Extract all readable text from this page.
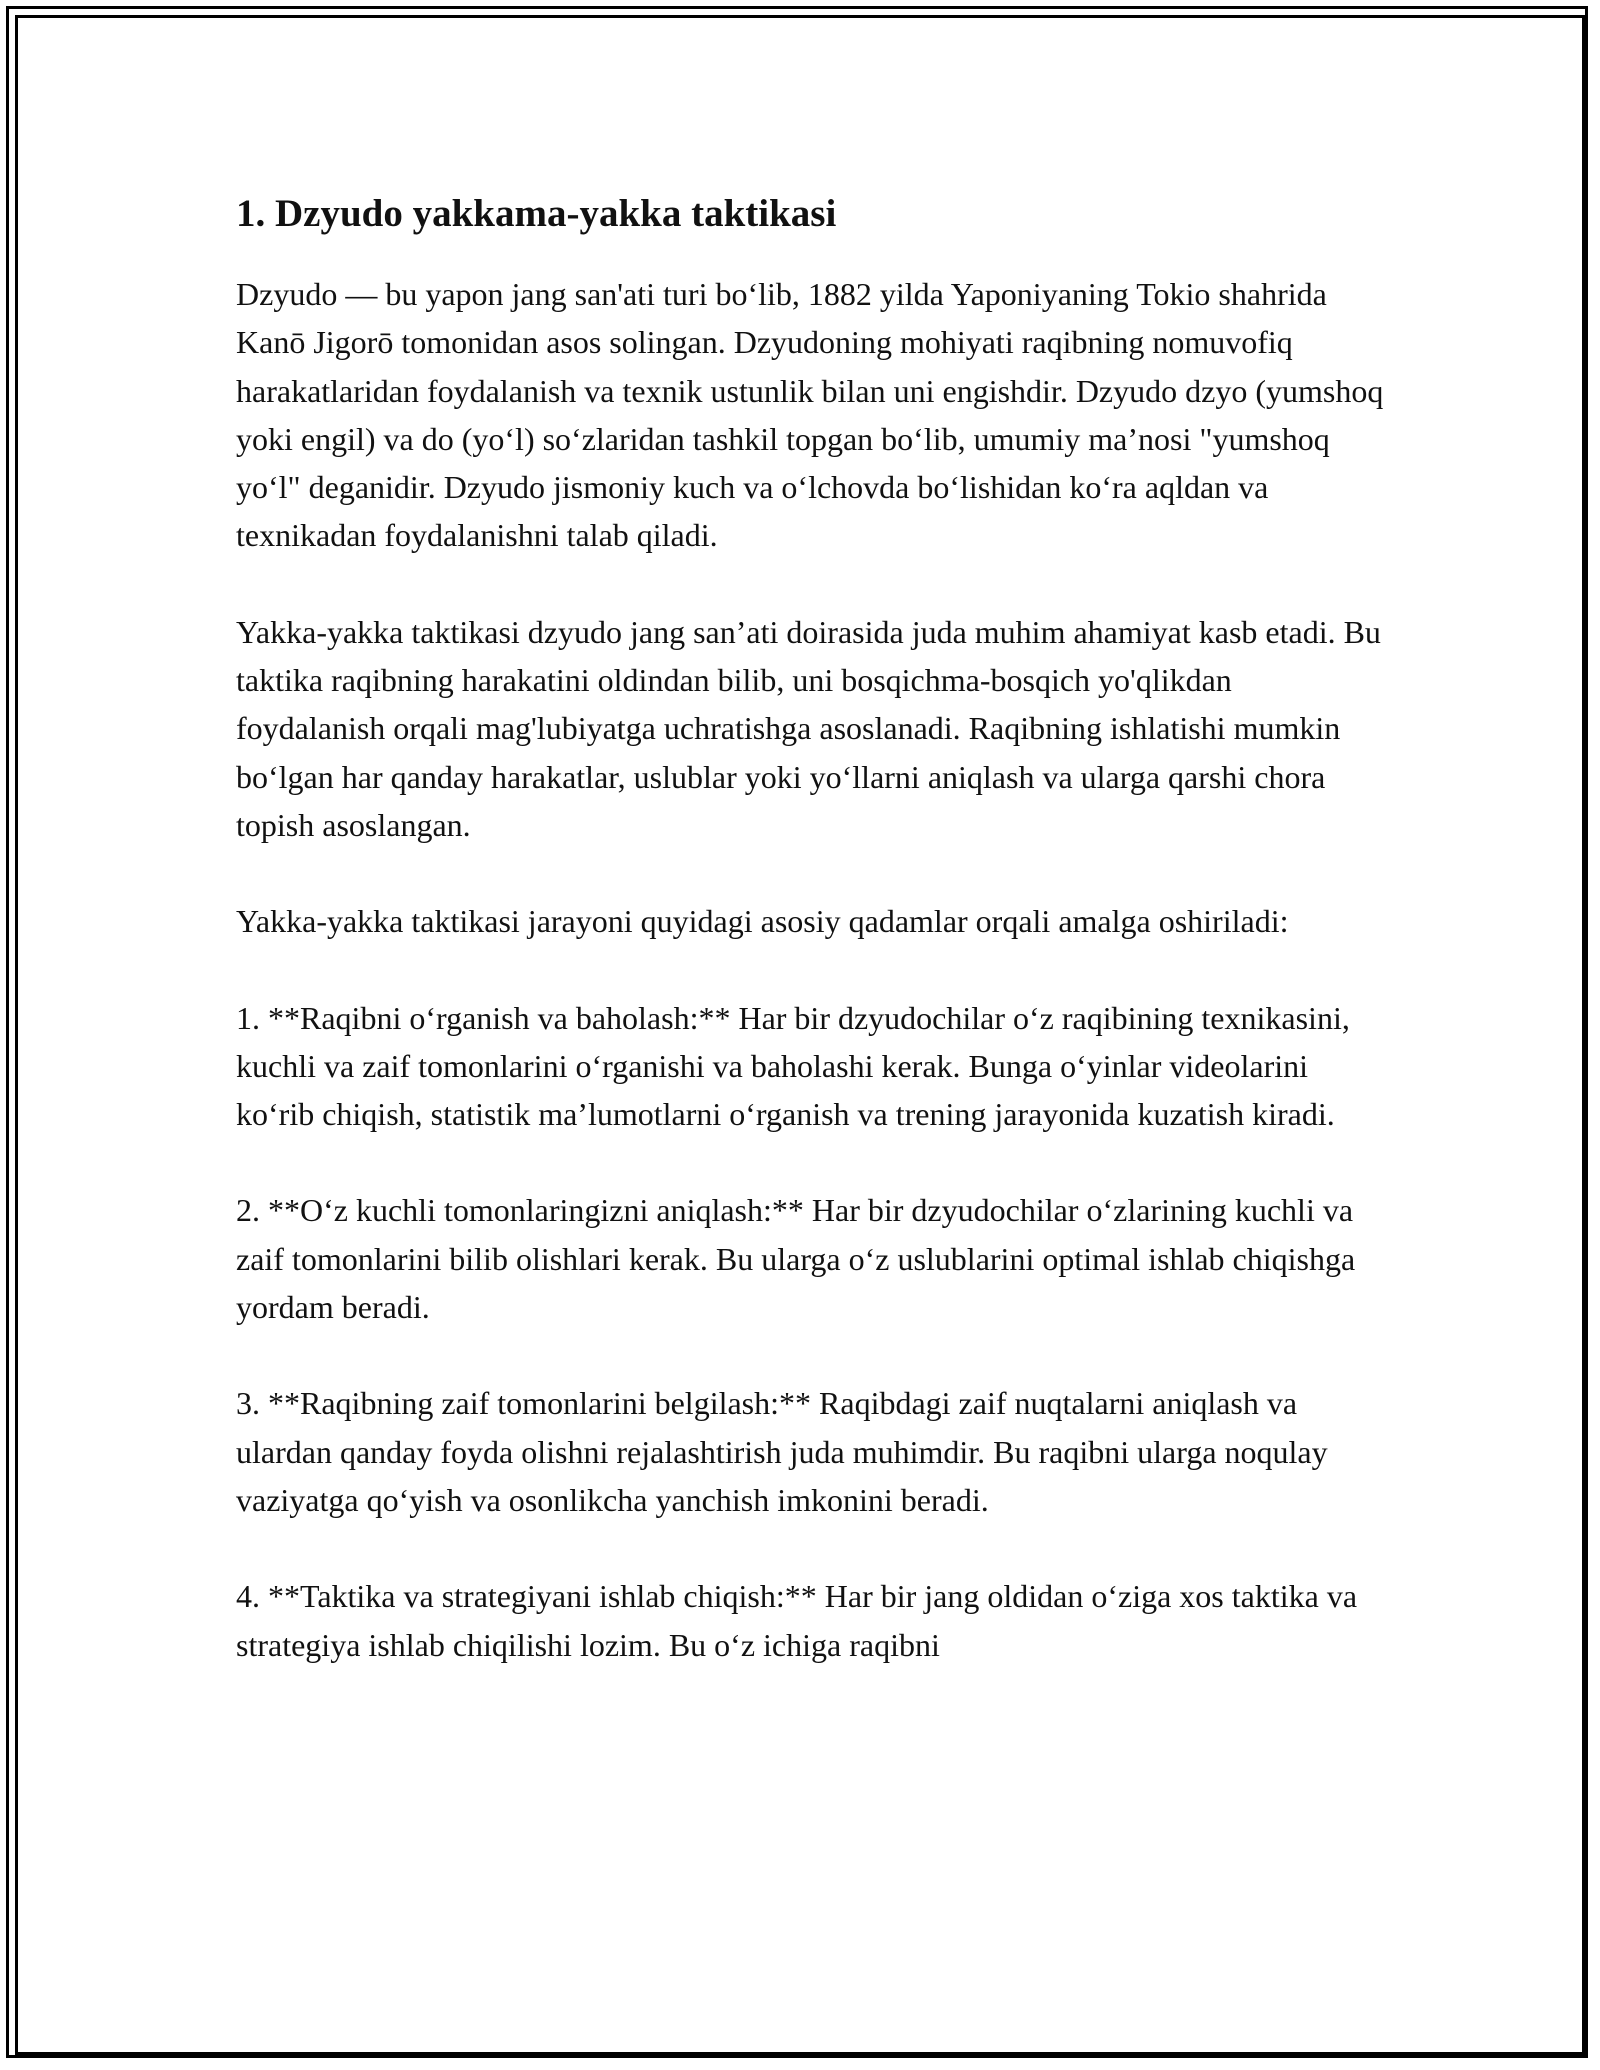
1. Dzyudo yakkama-yakka taktikasi

Dzyudo — bu yapon jang san'ati turi bo‘lib, 1882 yilda Yaponiyaning Tokio shahrida Kanō Jigorō tomonidan asos solingan. Dzyudoning mohiyati raqibning nomuvofiq harakatlaridan foydalanish va texnik ustunlik bilan uni engishdir. Dzyudo dzyo (yumshoq yoki engil) va do (yo‘l) so‘zlaridan tashkil topgan bo‘lib, umumiy ma’nosi "yumshoq yo‘l" deganidir. Dzyudo jismoniy kuch va o‘lchovda bo‘lishidan ko‘ra aqldan va texnikadan foydalanishni talab qiladi.

Yakka-yakka taktikasi dzyudo jang san’ati doirasida juda muhim ahamiyat kasb etadi. Bu taktika raqibning harakatini oldindan bilib, uni bosqichma-bosqich yo'qlikdan foydalanish orqali mag'lubiyatga uchratishga asoslanadi. Raqibning ishlatishi mumkin bo‘lgan har qanday harakatlar, uslublar yoki yo‘llarni aniqlash va ularga qarshi chora topish asoslangan.

Yakka-yakka taktikasi jarayoni quyidagi asosiy qadamlar orqali amalga oshiriladi:

1. **Raqibni o‘rganish va baholash:** Har bir dzyudochilar o‘z raqibining texnikasini, kuchli va zaif tomonlarini o‘rganishi va baholashi kerak. Bunga o‘yinlar videolarini ko‘rib chiqish, statistik ma’lumotlarni o‘rganish va trening jarayonida kuzatish kiradi.

2. **O‘z kuchli tomonlaringizni aniqlash:** Har bir dzyudochilar o‘zlarining kuchli va zaif tomonlarini bilib olishlari kerak. Bu ularga o‘z uslublarini optimal ishlab chiqishga yordam beradi.

3. **Raqibning zaif tomonlarini belgilash:** Raqibdagi zaif nuqtalarni aniqlash va ulardan qanday foyda olishni rejalashtirish juda muhimdir. Bu raqibni ularga noqulay vaziyatga qo‘yish va osonlikcha yanchish imkonini beradi.

4. **Taktika va strategiyani ishlab chiqish:** Har bir jang oldidan o‘ziga xos taktika va strategiya ishlab chiqilishi lozim. Bu o‘z ichiga raqibni
